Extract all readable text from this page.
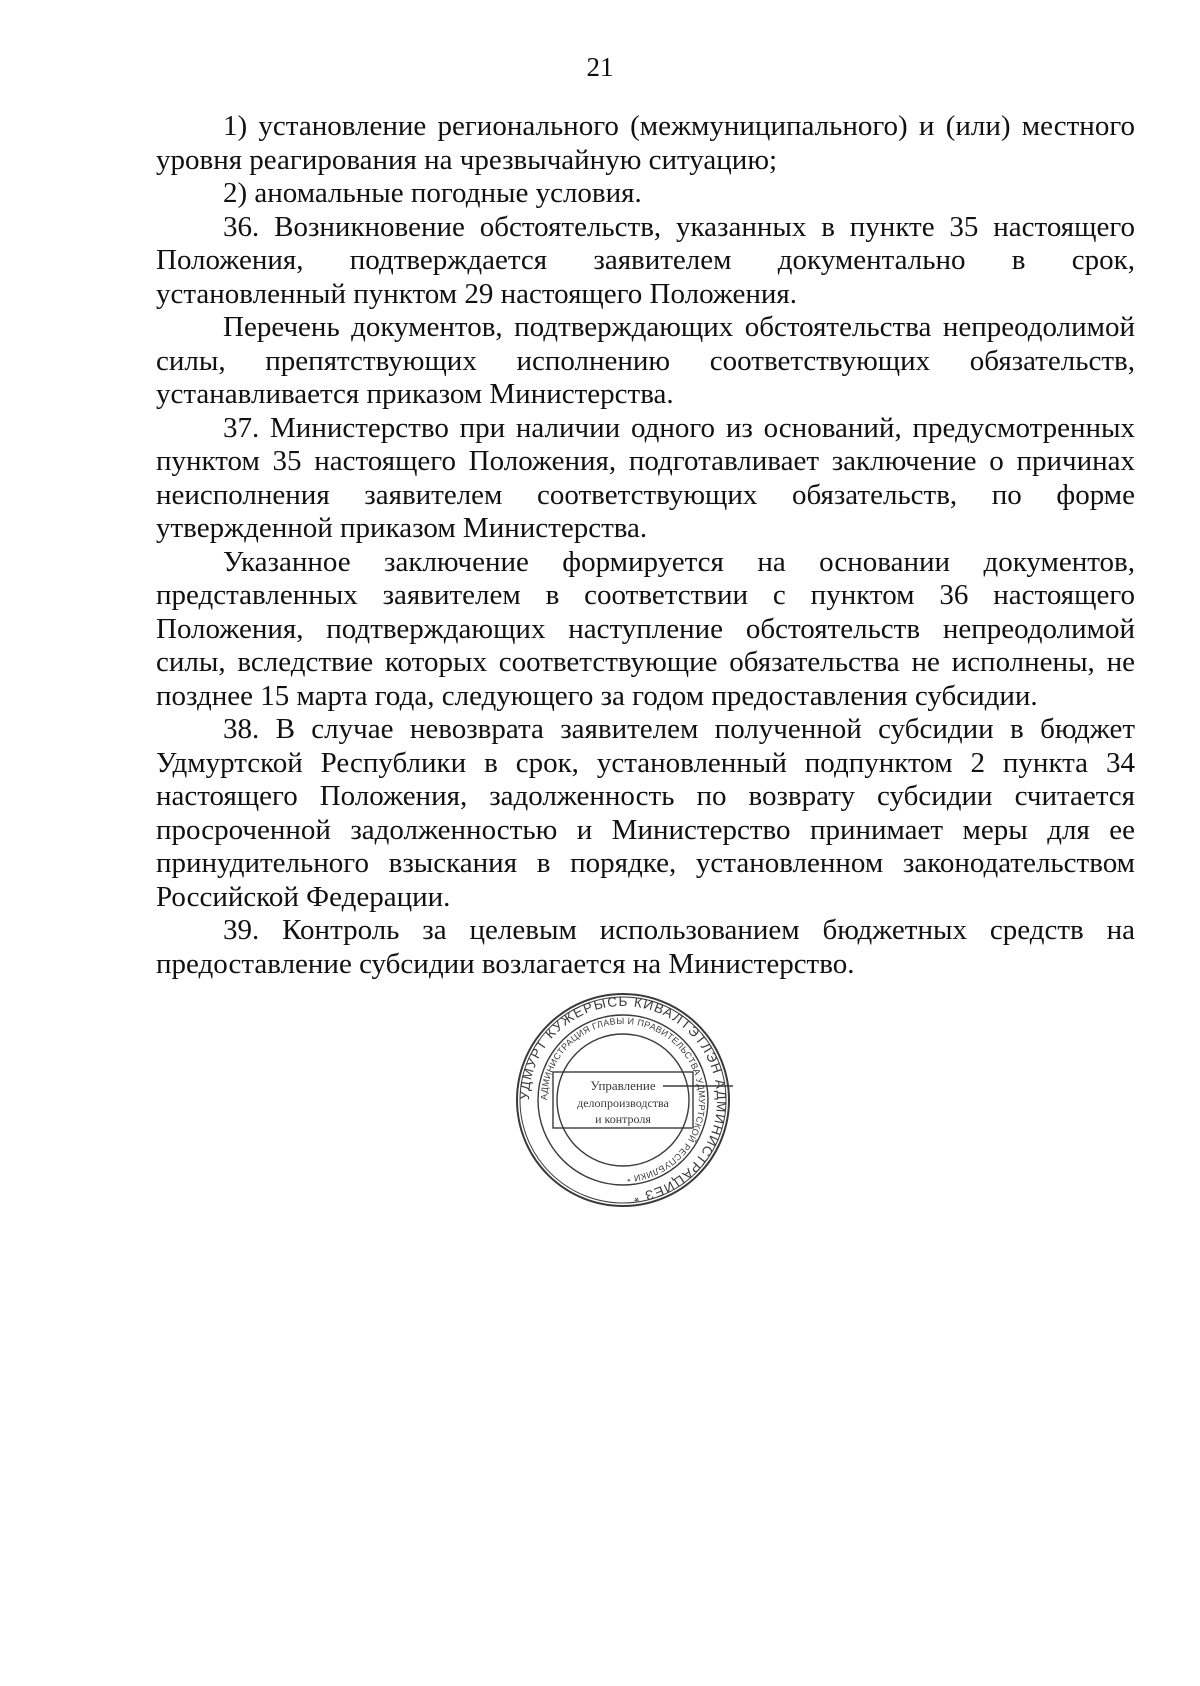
21

1) установление регионального (межмуниципального) и (или) местного уровня реагирования на чрезвычайную ситуацию;

2) аномальные погодные условия.

36. Возникновение обстоятельств, указанных в пункте 35 настоящего Положения, подтверждается заявителем документально в срок, установленный пунктом 29 настоящего Положения.

Перечень документов, подтверждающих обстоятельства непреодолимой силы, препятствующих исполнению соответствующих обязательств, устанавливается приказом Министерства.

37. Министерство при наличии одного из оснований, предусмотренных пунктом 35 настоящего Положения, подготавливает заключение о причинах неисполнения заявителем соответствующих обязательств, по форме утвержденной приказом Министерства.

Указанное заключение формируется на основании документов, представленных заявителем в соответствии с пунктом 36 настоящего Положения, подтверждающих наступление обстоятельств непреодолимой силы, вследствие которых соответствующие обязательства не исполнены, не позднее 15 марта года, следующего за годом предоставления субсидии.

38. В случае невозврата заявителем полученной субсидии в бюджет Удмуртской Республики в срок, установленный подпунктом 2 пункта 34 настоящего Положения, задолженность по возврату субсидии считается просроченной задолженностью и Министерство принимает меры для ее принудительного взыскания в порядке, установленном законодательством Российской Федерации.

39. Контроль за целевым использованием бюджетных средств на предоставление субсидии возлагается на Министерство.

УДМУРТ КУЖЕРЫСЬ КИВАЛТЭТЛЭН АДМИНИСТРАЦИЕЗ *
АДМИНИСТРАЦИЯ ГЛАВЫ И ПРАВИТЕЛЬСТВА УДМУРТСКОЙ РЕСПУБЛИКИ *
Управление
делопроизводства
и контроля
